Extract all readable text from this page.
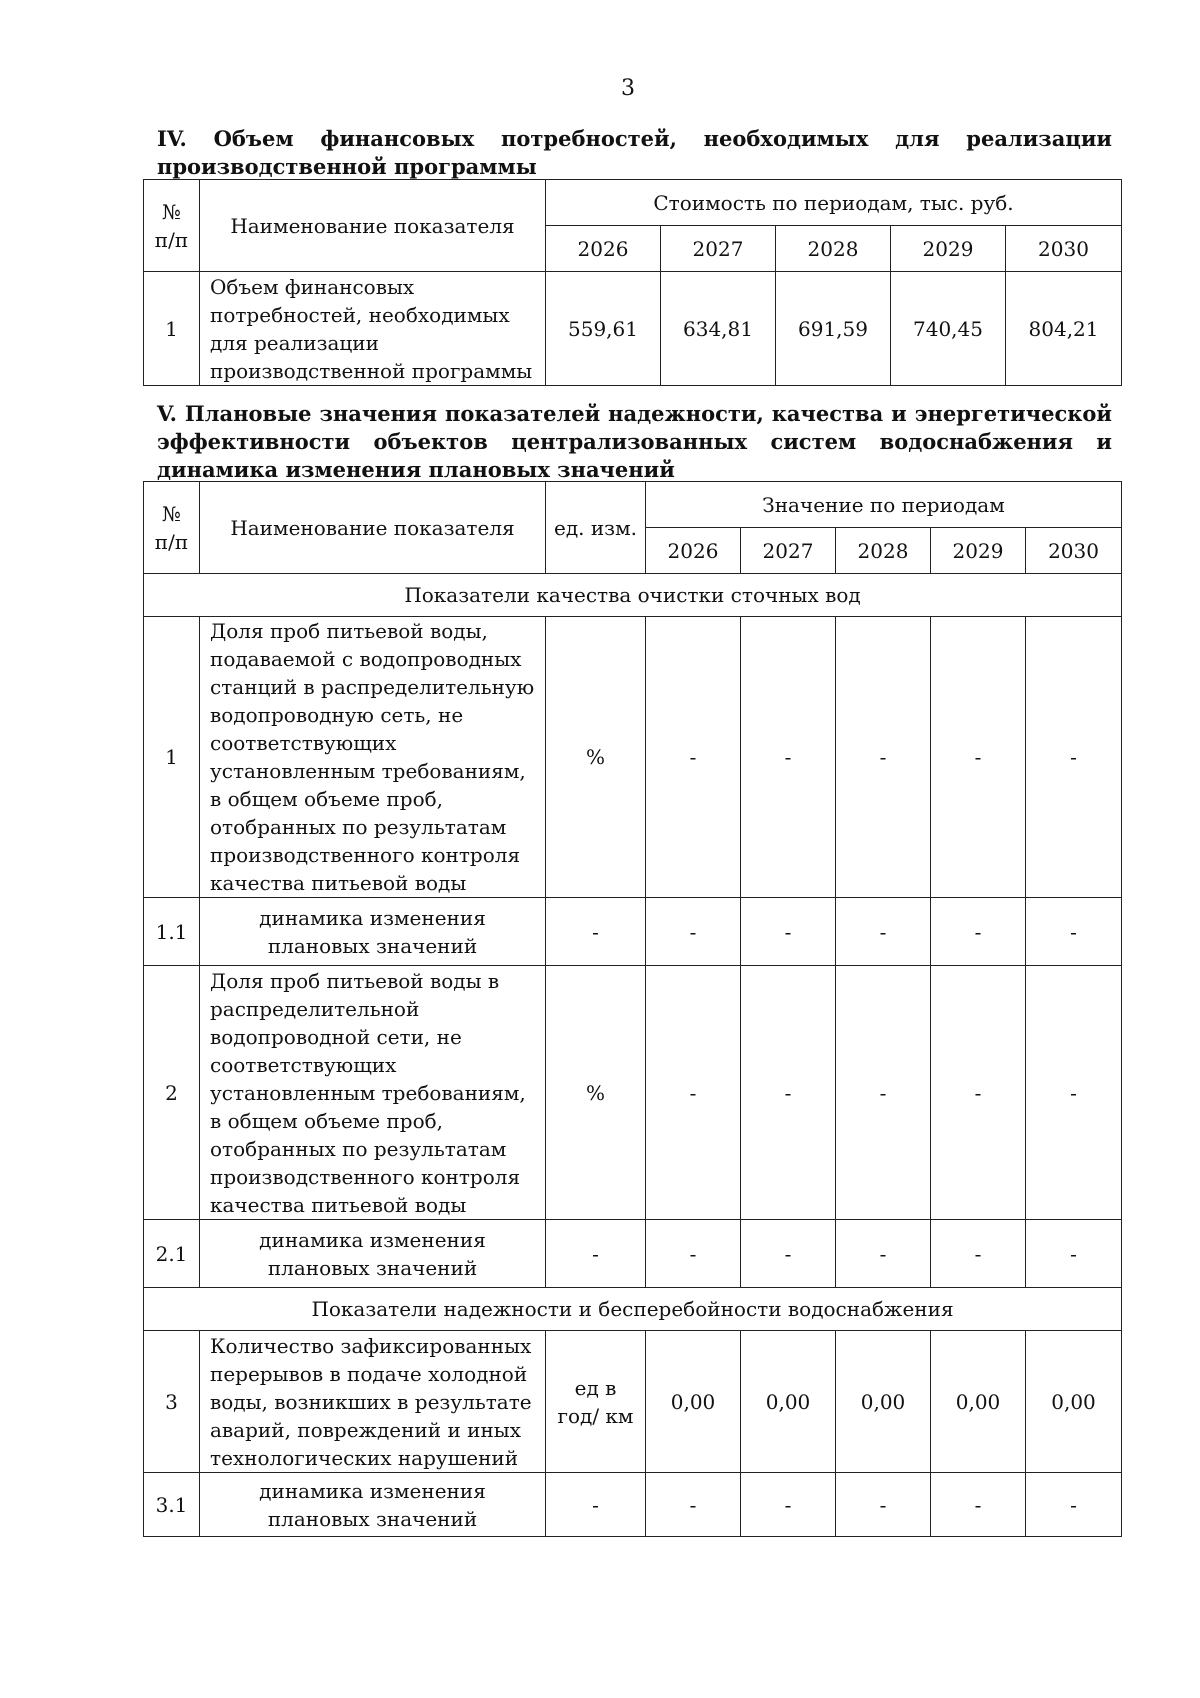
3
IV. Объем финансовых потребностей, необходимых для реализации производственной программы
№ п/п	Наименование показателя	Стоимость по периодам, тыс. руб.				
		2026	2027	2028	2029	2030
1	Объем финансовых потребностей, необходимых для реализации производственной программы	559,61	634,81	691,59	740,45	804,21
V. Плановые значения показателей надежности, качества и энергетической эффективности объектов централизованных систем водоснабжения и динамика изменения плановых значений
№ п/п	Наименование показателя	ед. изм.	Значение по периодам				
			2026	2027	2028	2029	2030
Показатели качества очистки сточных вод							
1	Доля проб питьевой воды, подаваемой с водопроводных станций в распределительную водопроводную сеть, не соответствующих установленным требованиям, в общем объеме проб, отобранных по результатам производственного контроля качества питьевой воды	%	-	-	-	-	-
1.1	динамика изменения плановых значений	-	-	-	-	-	-
2	Доля проб питьевой воды в распределительной водопроводной сети, не соответствующих установленным требованиям, в общем объеме проб, отобранных по результатам производственного контроля качества питьевой воды	%	-	-	-	-	-
2.1	динамика изменения плановых значений	-	-	-	-	-	-
Показатели надежности и бесперебойности водоснабжения							
3	Количество зафиксированных перерывов в подаче холодной воды, возникших в результате аварий, повреждений и иных технологических нарушений	ед в год/ км	0,00	0,00	0,00	0,00	0,00
3.1	динамика изменения плановых значений	-	-	-	-	-	-
